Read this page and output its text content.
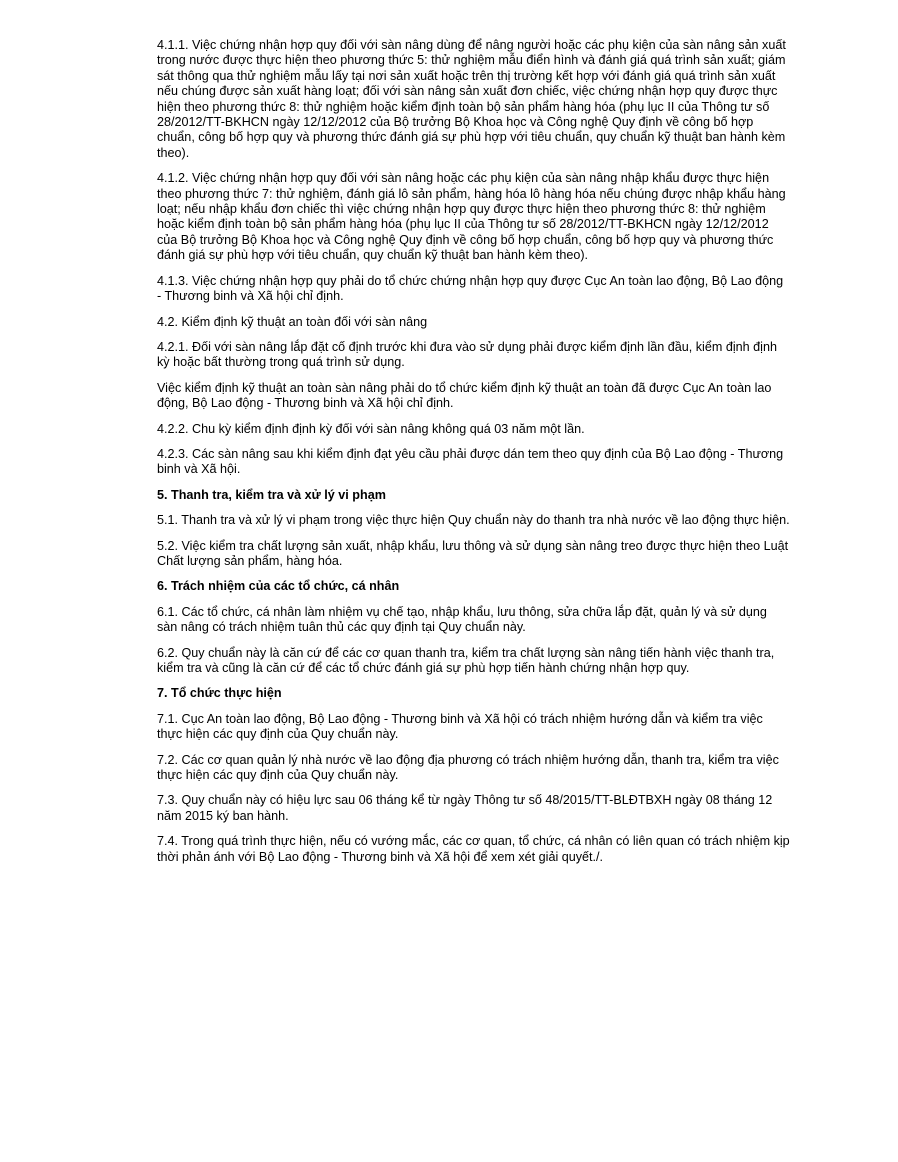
4.1.1. Việc chứng nhận hợp quy đối với sàn nâng dùng để nâng người hoặc các phụ kiện của sàn nâng sản xuất trong nước được thực hiện theo phương thức 5: thử nghiệm mẫu điển hình và đánh giá quá trình sản xuất; giám sát thông qua thử nghiệm mẫu lấy tại nơi sản xuất hoặc trên thị trường kết hợp với đánh giá quá trình sản xuất nếu chúng được sản xuất hàng loạt; đối với sàn nâng sản xuất đơn chiếc, việc chứng nhận hợp quy được thực hiện theo phương thức 8: thử nghiệm hoặc kiểm định toàn bộ sản phẩm hàng hóa (phụ lục II của Thông tư số 28/2012/TT-BKHCN ngày 12/12/2012 của Bộ trưởng Bộ Khoa học và Công nghệ Quy định về công bố hợp chuẩn, công bố hợp quy và phương thức đánh giá sự phù hợp với tiêu chuẩn, quy chuẩn kỹ thuật ban hành kèm theo).

4.1.2. Việc chứng nhận hợp quy đối với sàn nâng hoặc các phụ kiện của sàn nâng nhập khẩu được thực hiện theo phương thức 7: thử nghiệm, đánh giá lô sản phẩm, hàng hóa lô hàng hóa nếu chúng được nhập khẩu hàng loạt; nếu nhập khẩu đơn chiếc thì việc chứng nhận hợp quy được thực hiện theo phương thức 8: thử nghiệm hoặc kiểm định toàn bộ sản phẩm hàng hóa (phụ lục II của Thông tư số 28/2012/TT-BKHCN ngày 12/12/2012 của Bộ trưởng Bộ Khoa học và Công nghệ Quy định về công bố hợp chuẩn, công bố hợp quy và phương thức đánh giá sự phù hợp với tiêu chuẩn, quy chuẩn kỹ thuật ban hành kèm theo).

4.1.3. Việc chứng nhận hợp quy phải do tổ chức chứng nhận hợp quy được Cục An toàn lao động, Bộ Lao động - Thương binh và Xã hội chỉ định.

4.2. Kiểm định kỹ thuật an toàn đối với sàn nâng

4.2.1. Đối với sàn nâng lắp đặt cố định trước khi đưa vào sử dụng phải được kiểm định lần đầu, kiểm định định kỳ hoặc bất thường trong quá trình sử dụng.

Việc kiểm định kỹ thuật an toàn sàn nâng phải do tổ chức kiểm định kỹ thuật an toàn đã được Cục An toàn lao động, Bộ Lao động - Thương binh và Xã hội chỉ định.

4.2.2. Chu kỳ kiểm định định kỳ đối với sàn nâng không quá 03 năm một lần.

4.2.3. Các sàn nâng sau khi kiểm định đạt yêu cầu phải được dán tem theo quy định của Bộ Lao động - Thương binh và Xã hội.

5. Thanh tra, kiểm tra và xử lý vi phạm

5.1. Thanh tra và xử lý vi phạm trong việc thực hiện Quy chuẩn này do thanh tra nhà nước về lao động thực hiện.

5.2. Việc kiểm tra chất lượng sản xuất, nhập khẩu, lưu thông và sử dụng sàn nâng treo được thực hiện theo Luật Chất lượng sản phẩm, hàng hóa.

6. Trách nhiệm của các tổ chức, cá nhân

6.1. Các tổ chức, cá nhân làm nhiệm vụ chế tạo, nhập khẩu, lưu thông, sửa chữa lắp đặt, quản lý và sử dụng sàn nâng có trách nhiệm tuân thủ các quy định tại Quy chuẩn này.

6.2. Quy chuẩn này là căn cứ để các cơ quan thanh tra, kiểm tra chất lượng sàn nâng tiến hành việc thanh tra, kiểm tra và cũng là căn cứ để các tổ chức đánh giá sự phù hợp tiến hành chứng nhận hợp quy.

7. Tổ chức thực hiện

7.1. Cục An toàn lao động, Bộ Lao động - Thương binh và Xã hội có trách nhiệm hướng dẫn và kiểm tra việc thực hiện các quy định của Quy chuẩn này.

7.2. Các cơ quan quản lý nhà nước về lao động địa phương có trách nhiệm hướng dẫn, thanh tra, kiểm tra việc thực hiện các quy định của Quy chuẩn này.

7.3. Quy chuẩn này có hiệu lực sau 06 tháng kể từ ngày Thông tư số 48/2015/TT-BLĐTBXH ngày 08 tháng 12 năm 2015 ký ban hành.

7.4. Trong quá trình thực hiện, nếu có vướng mắc, các cơ quan, tổ chức, cá nhân có liên quan có trách nhiệm kịp thời phản ánh với Bộ Lao động - Thương binh và Xã hội để xem xét giải quyết./.
